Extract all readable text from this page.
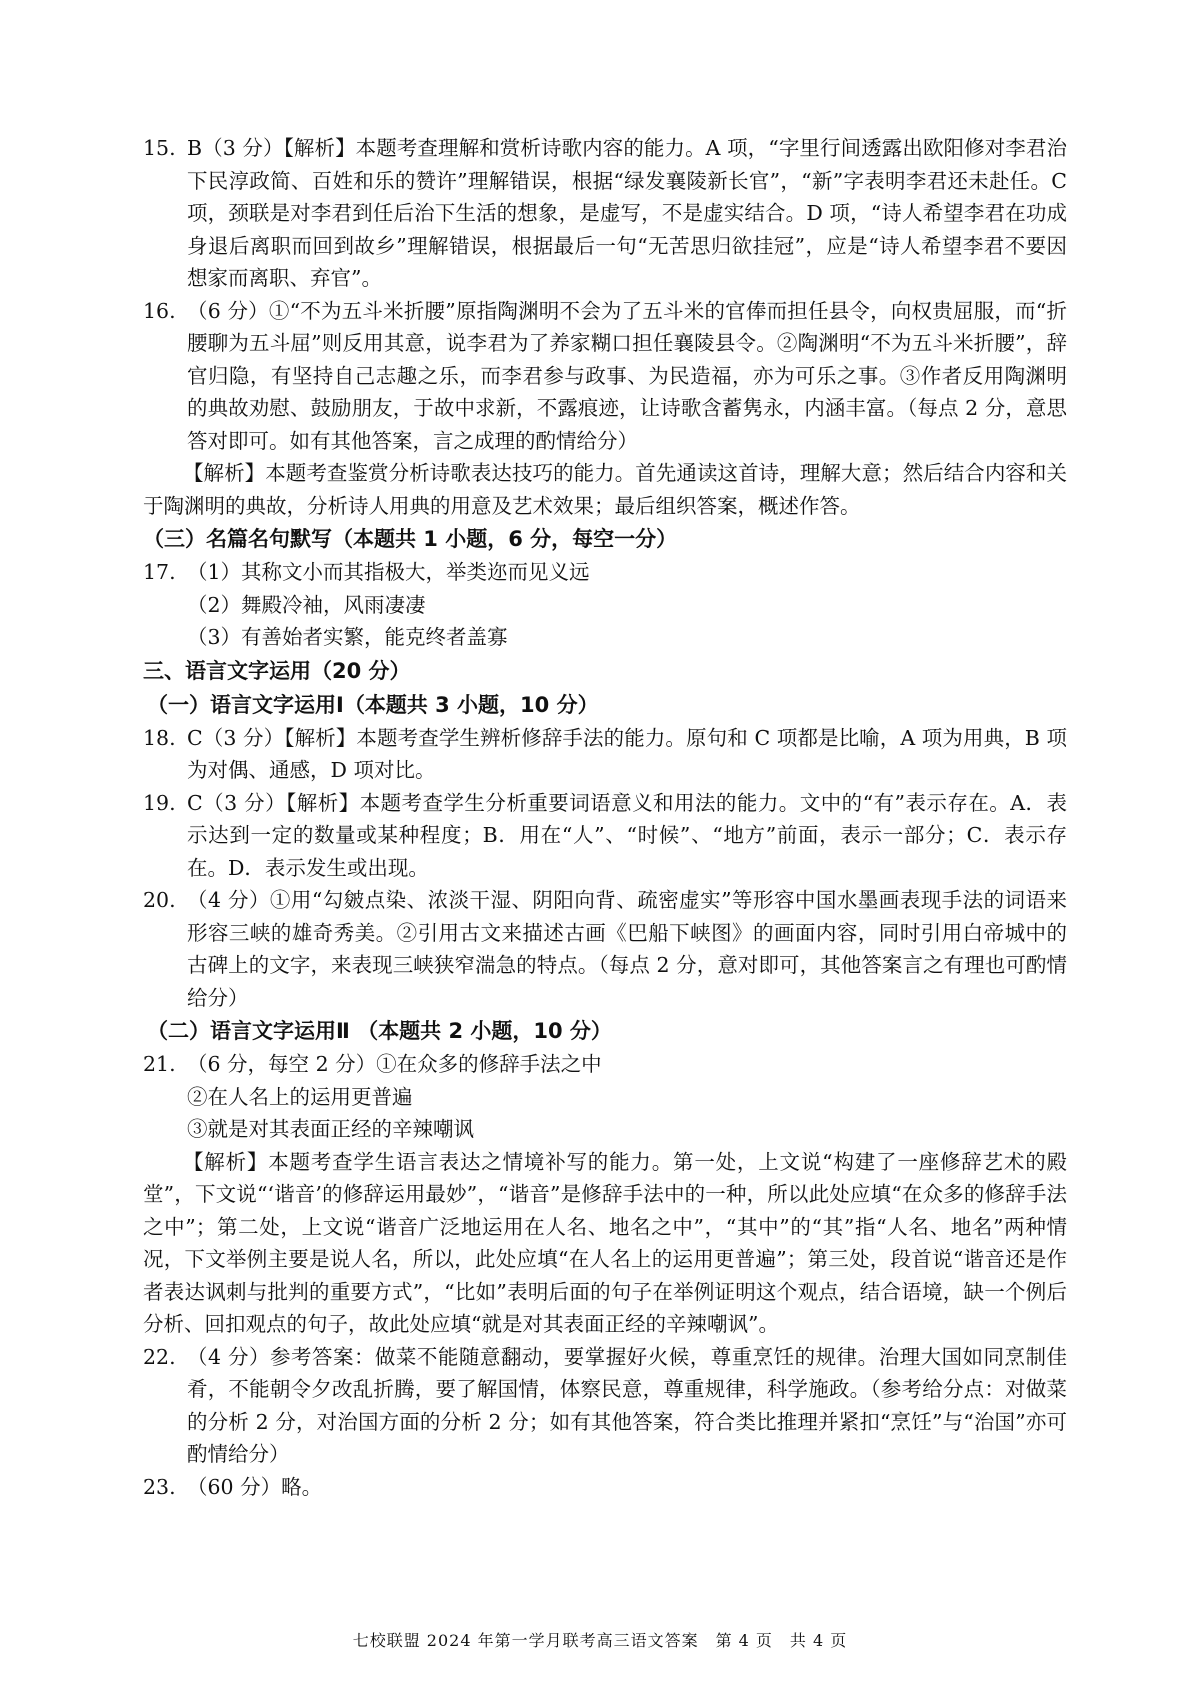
15. B（3 分）【解析】本题考查理解和赏析诗歌内容的能力。A 项，“字里行间透露出欧阳修对李君治下民淳政简、百姓和乐的赞许”理解错误，根据“绿发襄陵新长官”，“新”字表明李君还未赴任。C 项，颈联是对李君到任后治下生活的想象，是虚写，不是虚实结合。D 项，“诗人希望李君在功成身退后离职而回到故乡”理解错误，根据最后一句“无苦思归欲挂冠”，应是“诗人希望李君不要因想家而离职、弃官”。

16. （6 分）①“不为五斗米折腰”原指陶渊明不会为了五斗米的官俸而担任县令，向权贵屈服，而“折腰聊为五斗屈”则反用其意，说李君为了养家糊口担任襄陵县令。②陶渊明“不为五斗米折腰”，辞官归隐，有坚持自己志趣之乐，而李君参与政事、为民造福，亦为可乐之事。③作者反用陶渊明的典故劝慰、鼓励朋友，于故中求新，不露痕迹，让诗歌含蓄隽永，内涵丰富。（每点 2 分，意思答对即可。如有其他答案，言之成理的酌情给分）

【解析】本题考查鉴赏分析诗歌表达技巧的能力。首先通读这首诗，理解大意；然后结合内容和关于陶渊明的典故，分析诗人用典的用意及艺术效果；最后组织答案，概述作答。

（三）名篇名句默写（本题共 1 小题，6 分，每空一分）

17. （1）其称文小而其指极大，举类迩而见义远

（2）舞殿冷袖，风雨凄凄

（3）有善始者实繁，能克终者盖寡

三、语言文字运用（20 分）

（一）语言文字运用Ⅰ（本题共 3 小题，10 分）

18. C（3 分）【解析】本题考查学生辨析修辞手法的能力。原句和 C 项都是比喻，A 项为用典，B 项为对偶、通感，D 项对比。

19. C（3 分）【解析】本题考查学生分析重要词语意义和用法的能力。文中的“有”表示存在。A．表示达到一定的数量或某种程度；B．用在“人”、“时候”、“地方”前面，表示一部分；C．表示存在。D．表示发生或出现。

20. （4 分）①用“勾皴点染、浓淡干湿、阴阳向背、疏密虚实”等形容中国水墨画表现手法的词语来形容三峡的雄奇秀美。②引用古文来描述古画《巴船下峡图》的画面内容，同时引用白帝城中的古碑上的文字，来表现三峡狭窄湍急的特点。（每点 2 分，意对即可，其他答案言之有理也可酌情给分）

（二）语言文字运用Ⅱ （本题共 2 小题，10 分）

21. （6 分，每空 2 分）①在众多的修辞手法之中

②在人名上的运用更普遍

③就是对其表面正经的辛辣嘲讽

【解析】本题考查学生语言表达之情境补写的能力。第一处，上文说“构建了一座修辞艺术的殿堂”，下文说“‘谐音’的修辞运用最妙”，“谐音”是修辞手法中的一种，所以此处应填“在众多的修辞手法之中”；第二处，上文说“谐音广泛地运用在人名、地名之中”，“其中”的“其”指“人名、地名”两种情况，下文举例主要是说人名，所以，此处应填“在人名上的运用更普遍”；第三处，段首说“谐音还是作者表达讽刺与批判的重要方式”，“比如”表明后面的句子在举例证明这个观点，结合语境，缺一个例后分析、回扣观点的句子，故此处应填“就是对其表面正经的辛辣嘲讽”。

22. （4 分）参考答案：做菜不能随意翻动，要掌握好火候，尊重烹饪的规律。治理大国如同烹制佳肴，不能朝令夕改乱折腾，要了解国情，体察民意，尊重规律，科学施政。（参考给分点：对做菜的分析 2 分，对治国方面的分析 2 分；如有其他答案，符合类比推理并紧扣“烹饪”与“治国”亦可酌情给分）

23. （60 分）略。

七校联盟 2024 年第一学月联考高三语文答案　第 4 页　共 4 页
